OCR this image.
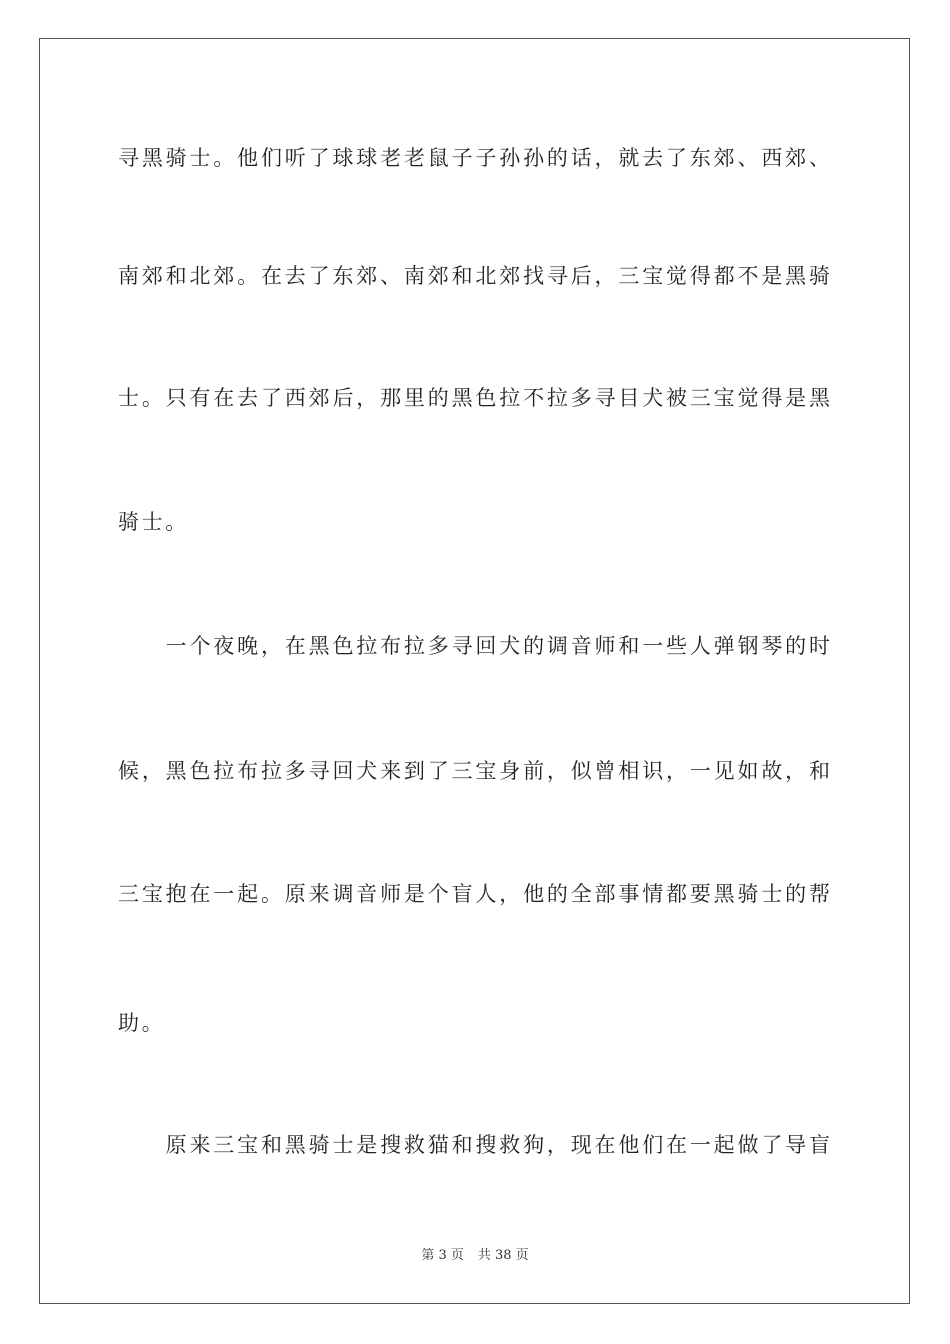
寻黑骑士。他们听了球球老老鼠子子孙孙的话，就去了东郊、西郊、
南郊和北郊。在去了东郊、南郊和北郊找寻后，三宝觉得都不是黑骑
士。只有在去了西郊后，那里的黑色拉不拉多寻目犬被三宝觉得是黑
骑士。
　　一个夜晚，在黑色拉布拉多寻回犬的调音师和一些人弹钢琴的时
候，黑色拉布拉多寻回犬来到了三宝身前，似曾相识，一见如故，和
三宝抱在一起。原来调音师是个盲人，他的全部事情都要黑骑士的帮
助。
　　原来三宝和黑骑士是搜救猫和搜救狗，现在他们在一起做了导盲
第 3 页 共 38 页
